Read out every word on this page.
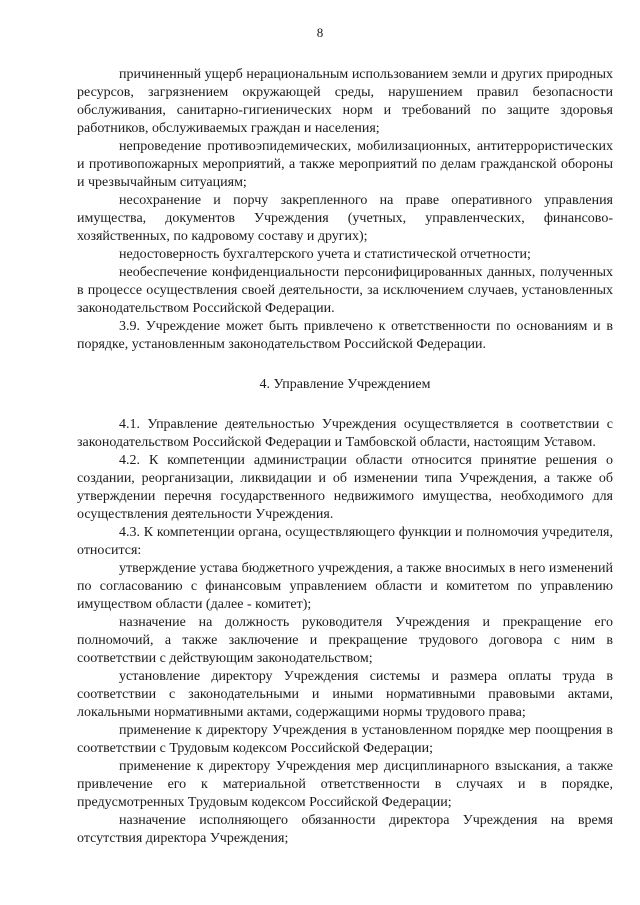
8

причиненный ущерб нерациональным использованием земли и других природных ресурсов, загрязнением окружающей среды, нарушением правил безопасности обслуживания, санитарно-гигиенических норм и требований по защите здоровья работников, обслуживаемых граждан и населения;

непроведение противоэпидемических, мобилизационных, антитеррористических и противопожарных мероприятий, а также мероприятий по делам гражданской обороны и чрезвычайным ситуациям;

несохранение и порчу закрепленного на праве оперативного управления имущества, документов Учреждения (учетных, управленческих, финансово-хозяйственных, по кадровому составу и других);

недостоверность бухгалтерского учета и статистической отчетности;

необеспечение конфиденциальности персонифицированных данных, полученных в процессе осуществления своей деятельности, за исключением случаев, установленных законодательством Российской Федерации.

3.9. Учреждение может быть привлечено к ответственности по основаниям и в порядке, установленным законодательством Российской Федерации.

4. Управление Учреждением

4.1. Управление деятельностью Учреждения осуществляется в соответствии с законодательством Российской Федерации и Тамбовской области, настоящим Уставом.

4.2. К компетенции администрации области относится принятие решения о создании, реорганизации, ликвидации и об изменении типа Учреждения, а также об утверждении перечня государственного недвижимого имущества, необходимого для осуществления деятельности Учреждения.

4.3. К компетенции органа, осуществляющего функции и полномочия учредителя, относится:

утверждение устава бюджетного учреждения, а также вносимых в него изменений по согласованию с финансовым управлением области и комитетом по управлению имуществом области (далее - комитет);

назначение на должность руководителя Учреждения и прекращение его полномочий, а также заключение и прекращение трудового договора с ним в соответствии с действующим законодательством;

установление директору Учреждения системы и размера оплаты труда в соответствии с законодательными и иными нормативными правовыми актами, локальными нормативными актами, содержащими нормы трудового права;

применение к директору Учреждения в установленном порядке мер поощрения в соответствии с Трудовым кодексом Российской Федерации;

применение к директору Учреждения мер дисциплинарного взыскания, а также привлечение его к материальной ответственности в случаях и в порядке, предусмотренных Трудовым кодексом Российской Федерации;

назначение исполняющего обязанности директора Учреждения на время отсутствия директора Учреждения;
